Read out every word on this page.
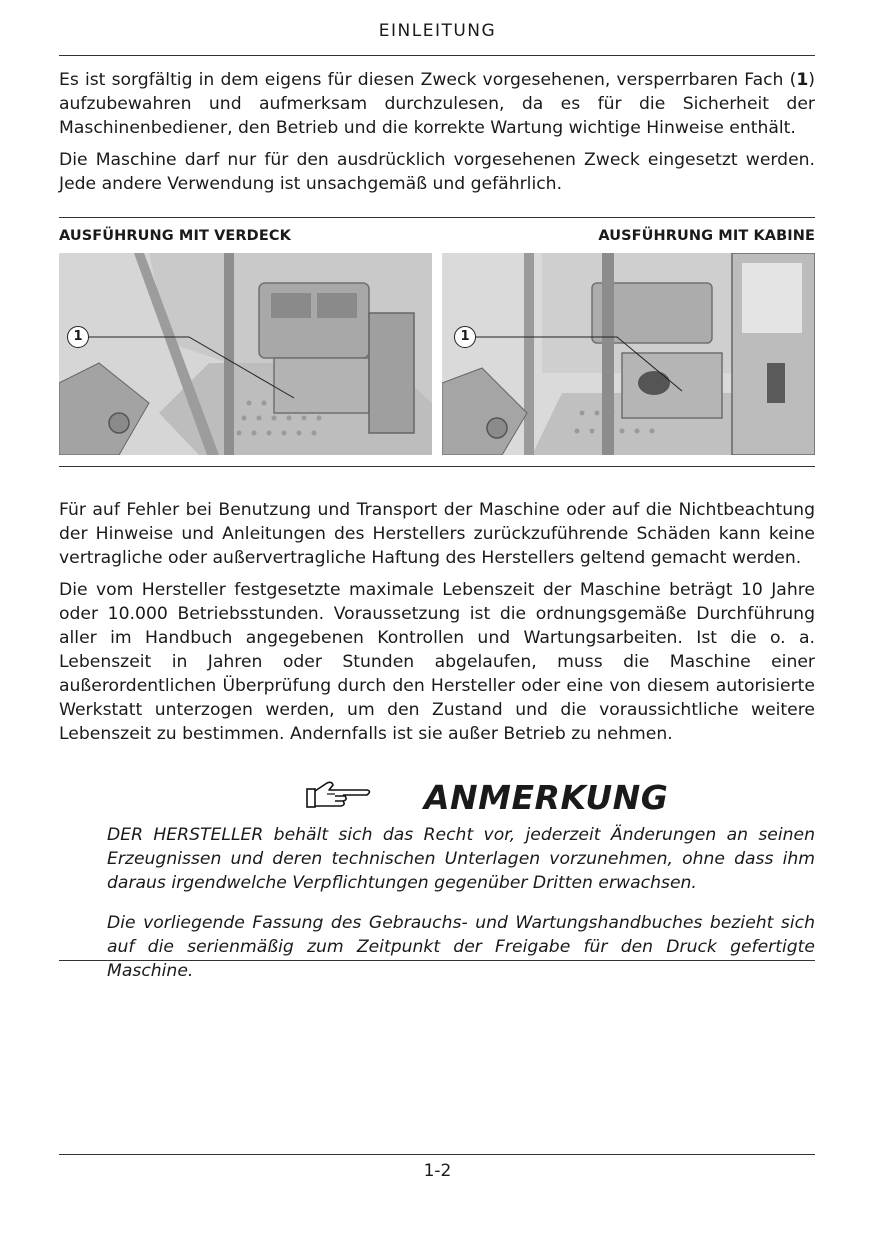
EINLEITUNG

Es ist sorgfältig in dem eigens für diesen Zweck vorgesehenen, versperrbaren Fach (1) aufzubewahren und aufmerksam durchzulesen, da es für die Sicherheit der Maschinenbediener, den Betrieb und die korrekte Wartung wichtige Hinweise enthält.

Die Maschine darf nur für den ausdrücklich vorgesehenen Zweck eingesetzt werden. Jede andere Verwendung ist unsachgemäß und gefährlich.

AUSFÜHRUNG MIT VERDECK	AUSFÜHRUNG MIT KABINE
1	1

Für auf Fehler bei Benutzung und Transport der Maschine oder auf die Nichtbeachtung der Hinweise und Anleitungen des Herstellers zurückzuführende Schäden kann keine vertragliche oder außervertragliche Haftung des Herstellers geltend gemacht werden.

Die vom Hersteller festgesetzte maximale Lebenszeit der Maschine beträgt 10 Jahre oder 10.000 Betriebsstunden. Voraussetzung ist die ordnungsgemäße Durchführung aller im Handbuch angegebenen Kontrollen und Wartungsarbeiten. Ist die o. a. Lebenszeit in Jahren oder Stunden abgelaufen, muss die Maschine einer außerordentlichen Überprüfung durch den Hersteller oder eine von diesem autorisierte Werkstatt unterzogen werden, um den Zustand und die voraussichtliche weitere Lebenszeit zu bestimmen. Andernfalls ist sie außer Betrieb zu nehmen.

ANMERKUNG

DER HERSTELLER behält sich das Recht vor, jederzeit Änderungen an seinen Erzeugnissen und deren technischen Unterlagen vorzunehmen, ohne dass ihm daraus irgendwelche Verpflichtungen gegenüber Dritten erwachsen.

Die vorliegende Fassung des Gebrauchs- und Wartungshandbuches bezieht sich auf die serienmäßig zum Zeitpunkt der Freigabe für den Druck gefertigte Maschine.

1-2
